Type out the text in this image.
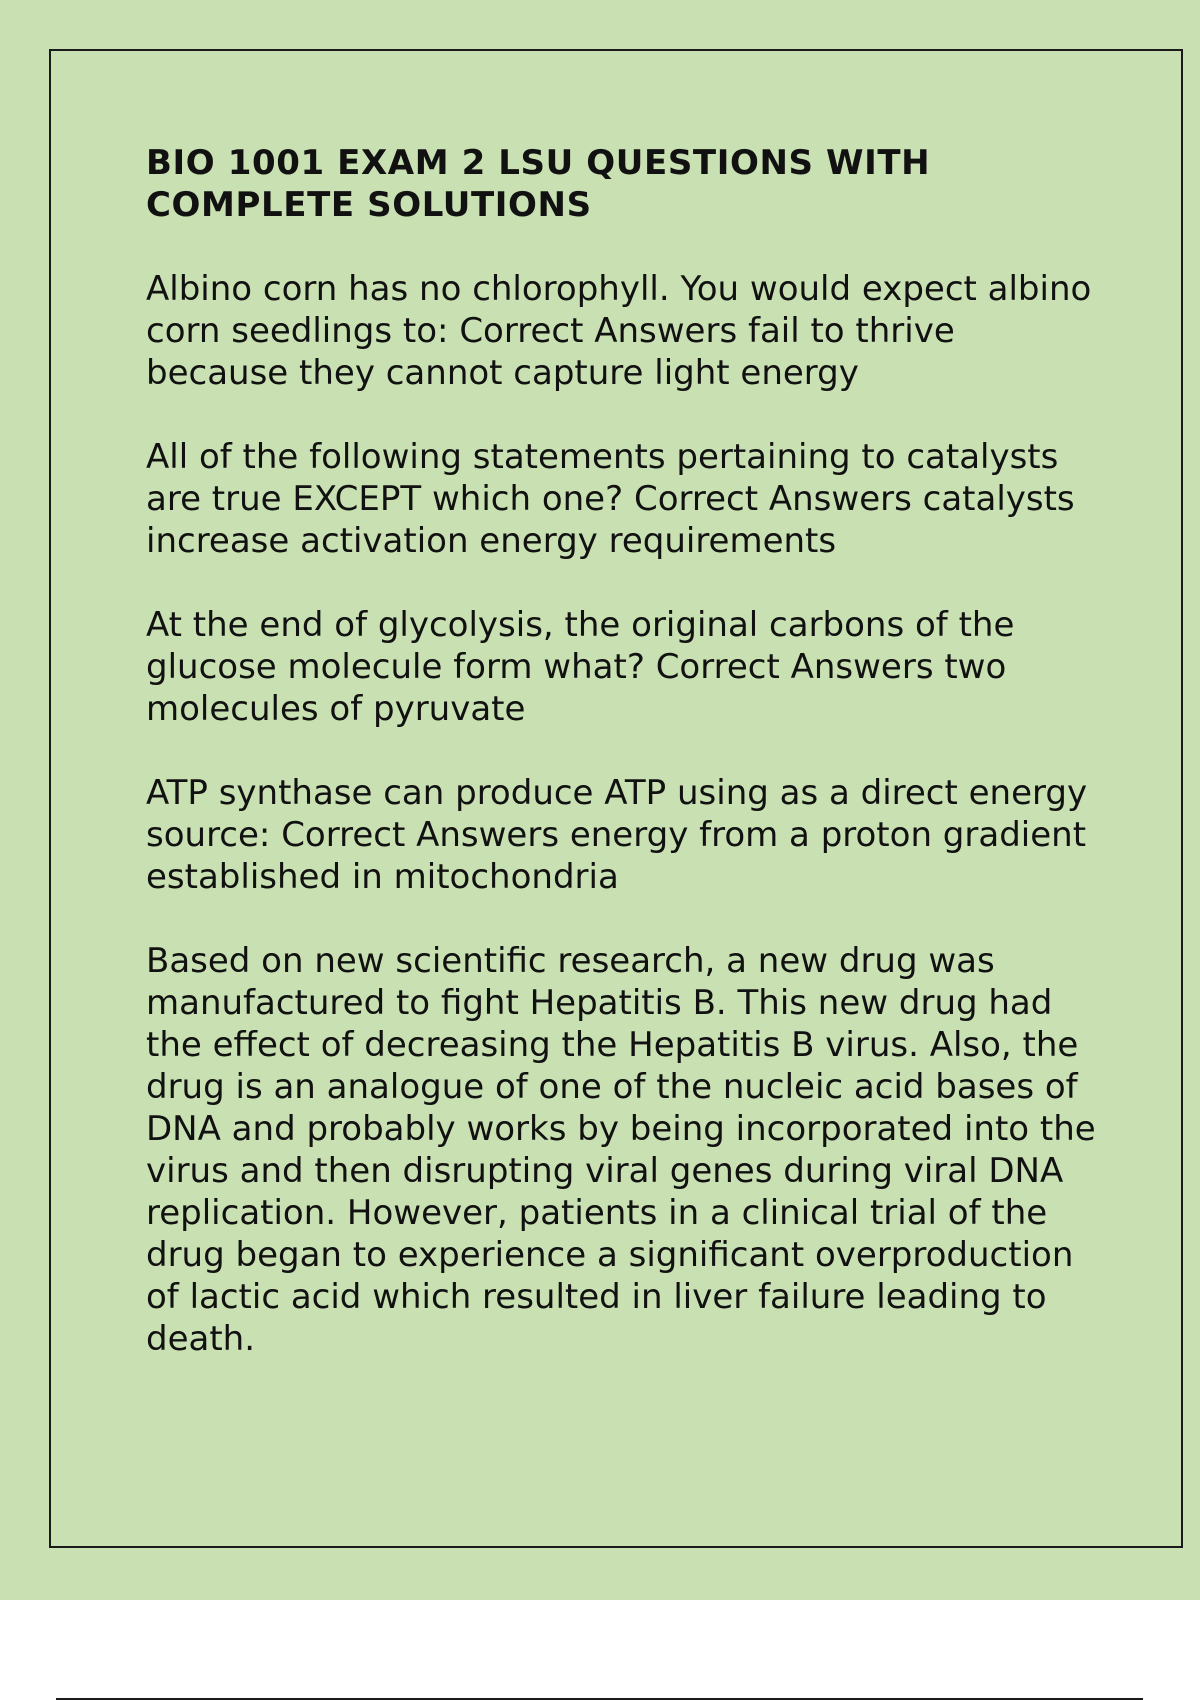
BIO 1001 EXAM 2 LSU QUESTIONS WITH COMPLETE SOLUTIONS

Albino corn has no chlorophyll. You would expect albino corn seedlings to: Correct Answers fail to thrive because they cannot capture light energy

All of the following statements pertaining to catalysts are true EXCEPT which one? Correct Answers catalysts increase activation energy requirements

At the end of glycolysis, the original carbons of the glucose molecule form what? Correct Answers two molecules of pyruvate

ATP synthase can produce ATP using as a direct energy source: Correct Answers energy from a proton gradient established in mitochondria

Based on new scientific research, a new drug was manufactured to fight Hepatitis B. This new drug had the effect of decreasing the Hepatitis B virus. Also, the drug is an analogue of one of the nucleic acid bases of DNA and probably works by being incorporated into the virus and then disrupting viral genes during viral DNA replication. However, patients in a clinical trial of the drug began to experience a significant overproduction of lactic acid which resulted in liver failure leading to death.
